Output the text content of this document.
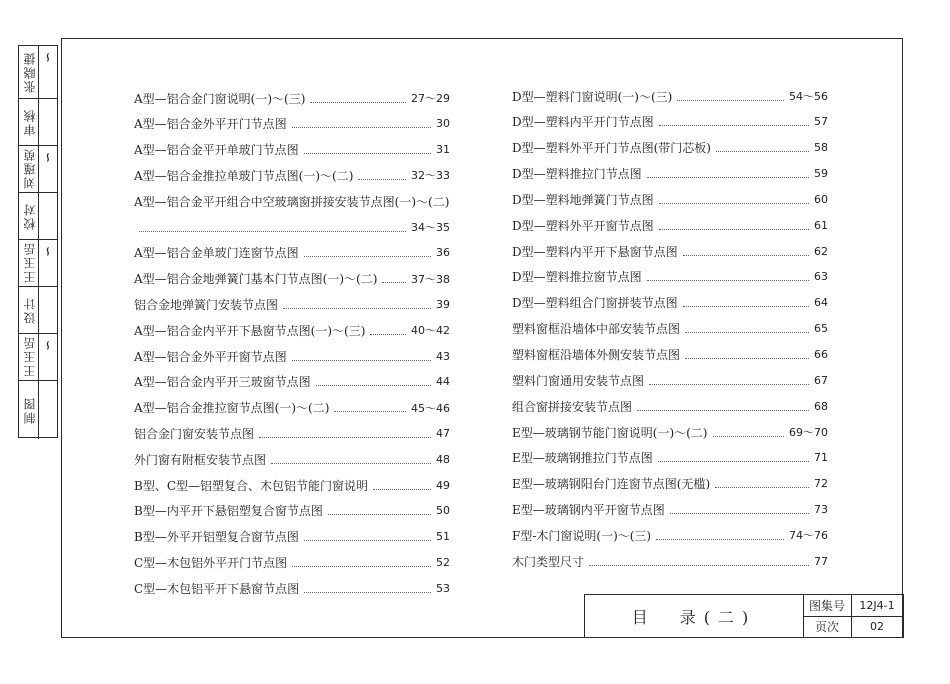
张晓捷 ∽
审核
刘瑾萸 ∽
校对
王玉岳 ∽
设计
王玉岳 ∽
制图
A型—铝合金门窗说明(一)～(三)	27～29
A型—铝合金外平开门节点图	30
A型—铝合金平开单玻门节点图	31
A型—铝合金推拉单玻门节点图(一)～(二)	32～33
A型—铝合金平开组合中空玻璃窗拼接安装节点图(一)～(二)
34～35
A型—铝合金单玻门连窗节点图	36
A型—铝合金地弹簧门基本门节点图(一)～(二)	37～38
铝合金地弹簧门安装节点图	39
A型—铝合金内平开下悬窗节点图(一)～(三)	40～42
A型—铝合金外平开窗节点图	43
A型—铝合金内平开三玻窗节点图	44
A型—铝合金推拉窗节点图(一)～(二)	45～46
铝合金门窗安装节点图	47
外门窗有附框安装节点图	48
B型、C型—铝塑复合、木包铝节能门窗说明	49
B型—内平开下悬铝塑复合窗节点图	50
B型—外平开铝塑复合窗节点图	51
C型—木包铝外平开门节点图	52
C型—木包铝平开下悬窗节点图	53
D型—塑料门窗说明(一)～(三)	54～56
D型—塑料内平开门节点图	57
D型—塑料外平开门节点图(带门芯板)	58
D型—塑料推拉门节点图	59
D型—塑料地弹簧门节点图	60
D型—塑料外平开窗节点图	61
D型—塑料内平开下悬窗节点图	62
D型—塑料推拉窗节点图	63
D型—塑料组合门窗拼装节点图	64
塑料窗框沿墙体中部安装节点图	65
塑料窗框沿墙体外侧安装节点图	66
塑料门窗通用安装节点图	67
组合窗拼接安装节点图	68
E型—玻璃钢节能门窗说明(一)～(二)	69～70
E型—玻璃钢推拉门节点图	71
E型—玻璃钢阳台门连窗节点图(无槛)	72
E型—玻璃钢内平开窗节点图	73
F型-木门窗说明(一)～(三)	74～76
木门类型尺寸	77
目　录(二)
图集号	12J4-1
页次	02
